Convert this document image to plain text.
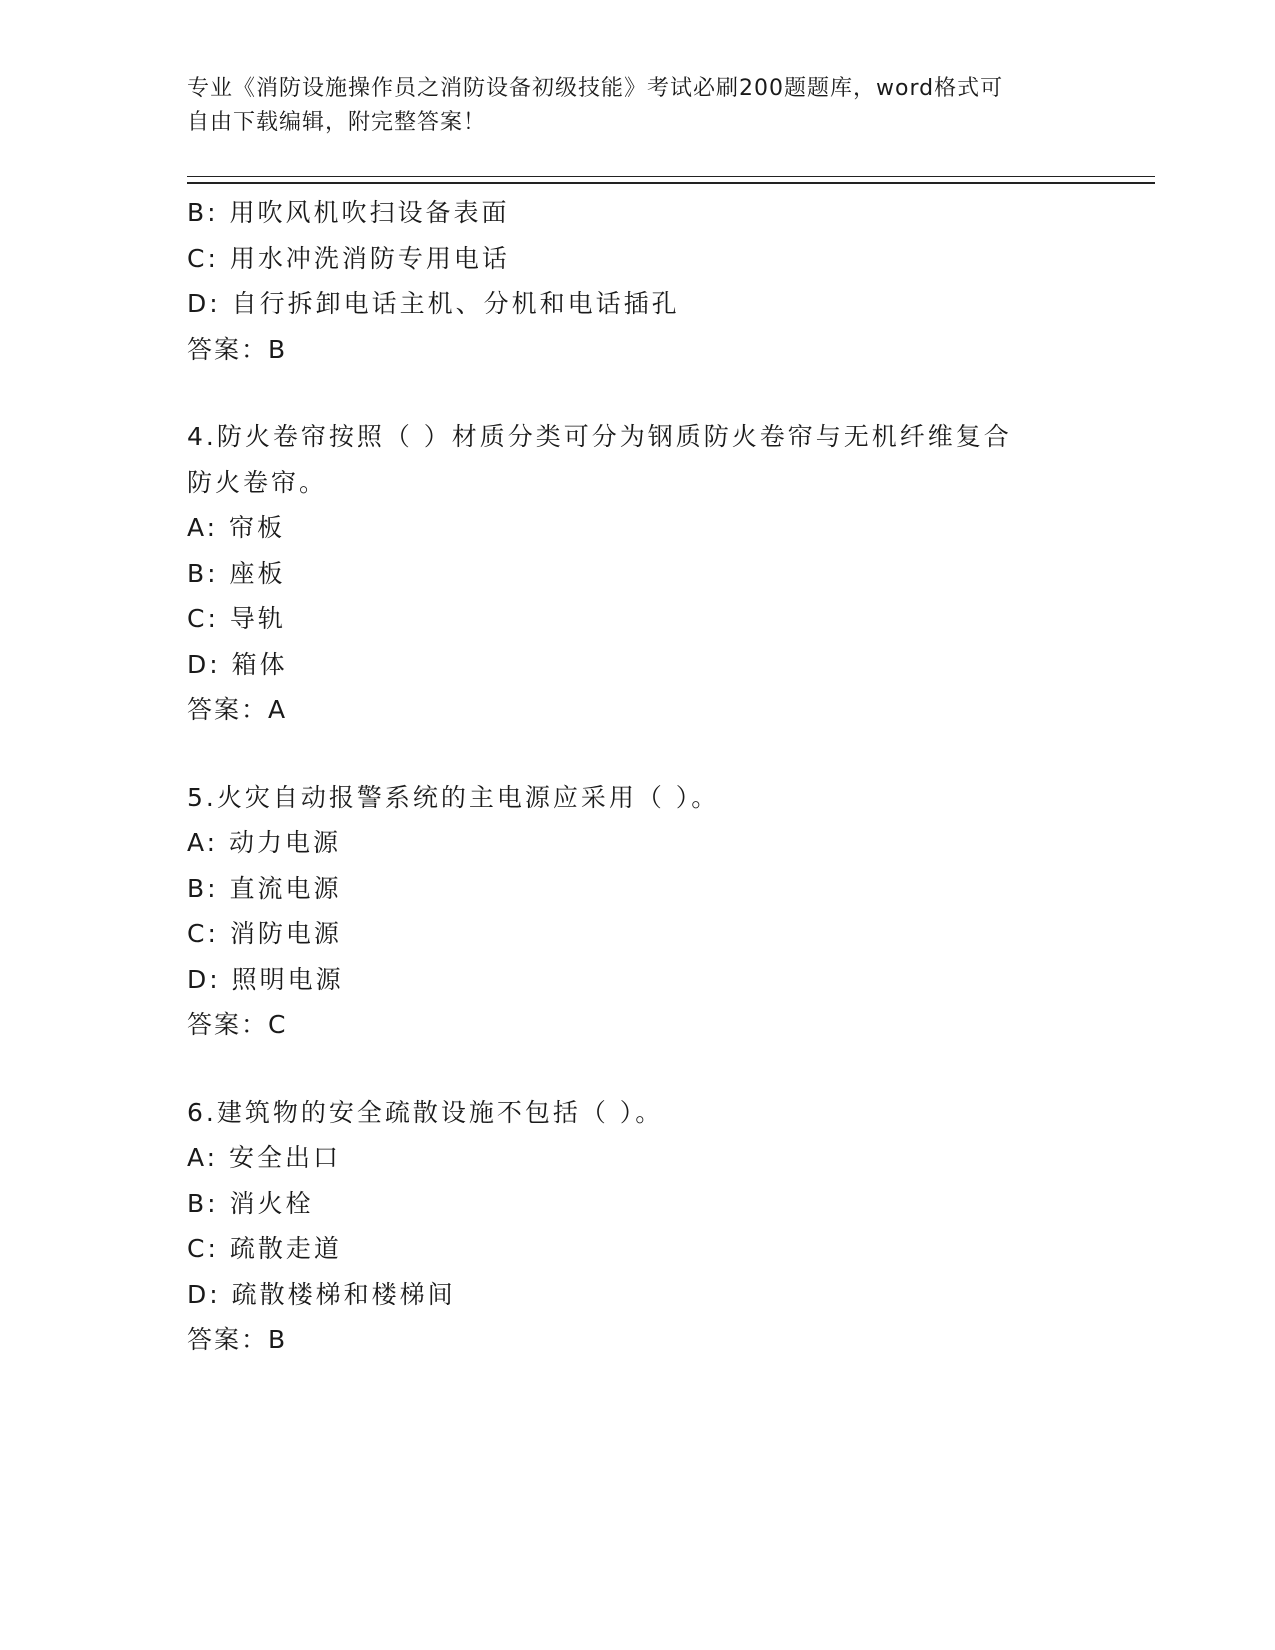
专业《消防设施操作员之消防设备初级技能》考试必刷200题题库，word格式可
自由下载编辑，附完整答案！
B: 用吹风机吹扫设备表面
C: 用水冲洗消防专用电话
D: 自行拆卸电话主机、分机和电话插孔
答案：B
4.防火卷帘按照（ ）材质分类可分为钢质防火卷帘与无机纤维复合
防火卷帘。
A: 帘板
B: 座板
C: 导轨
D: 箱体
答案：A
5.火灾自动报警系统的主电源应采用（ ）。
A: 动力电源
B: 直流电源
C: 消防电源
D: 照明电源
答案：C
6.建筑物的安全疏散设施不包括（ ）。
A: 安全出口
B: 消火栓
C: 疏散走道
D: 疏散楼梯和楼梯间
答案：B
